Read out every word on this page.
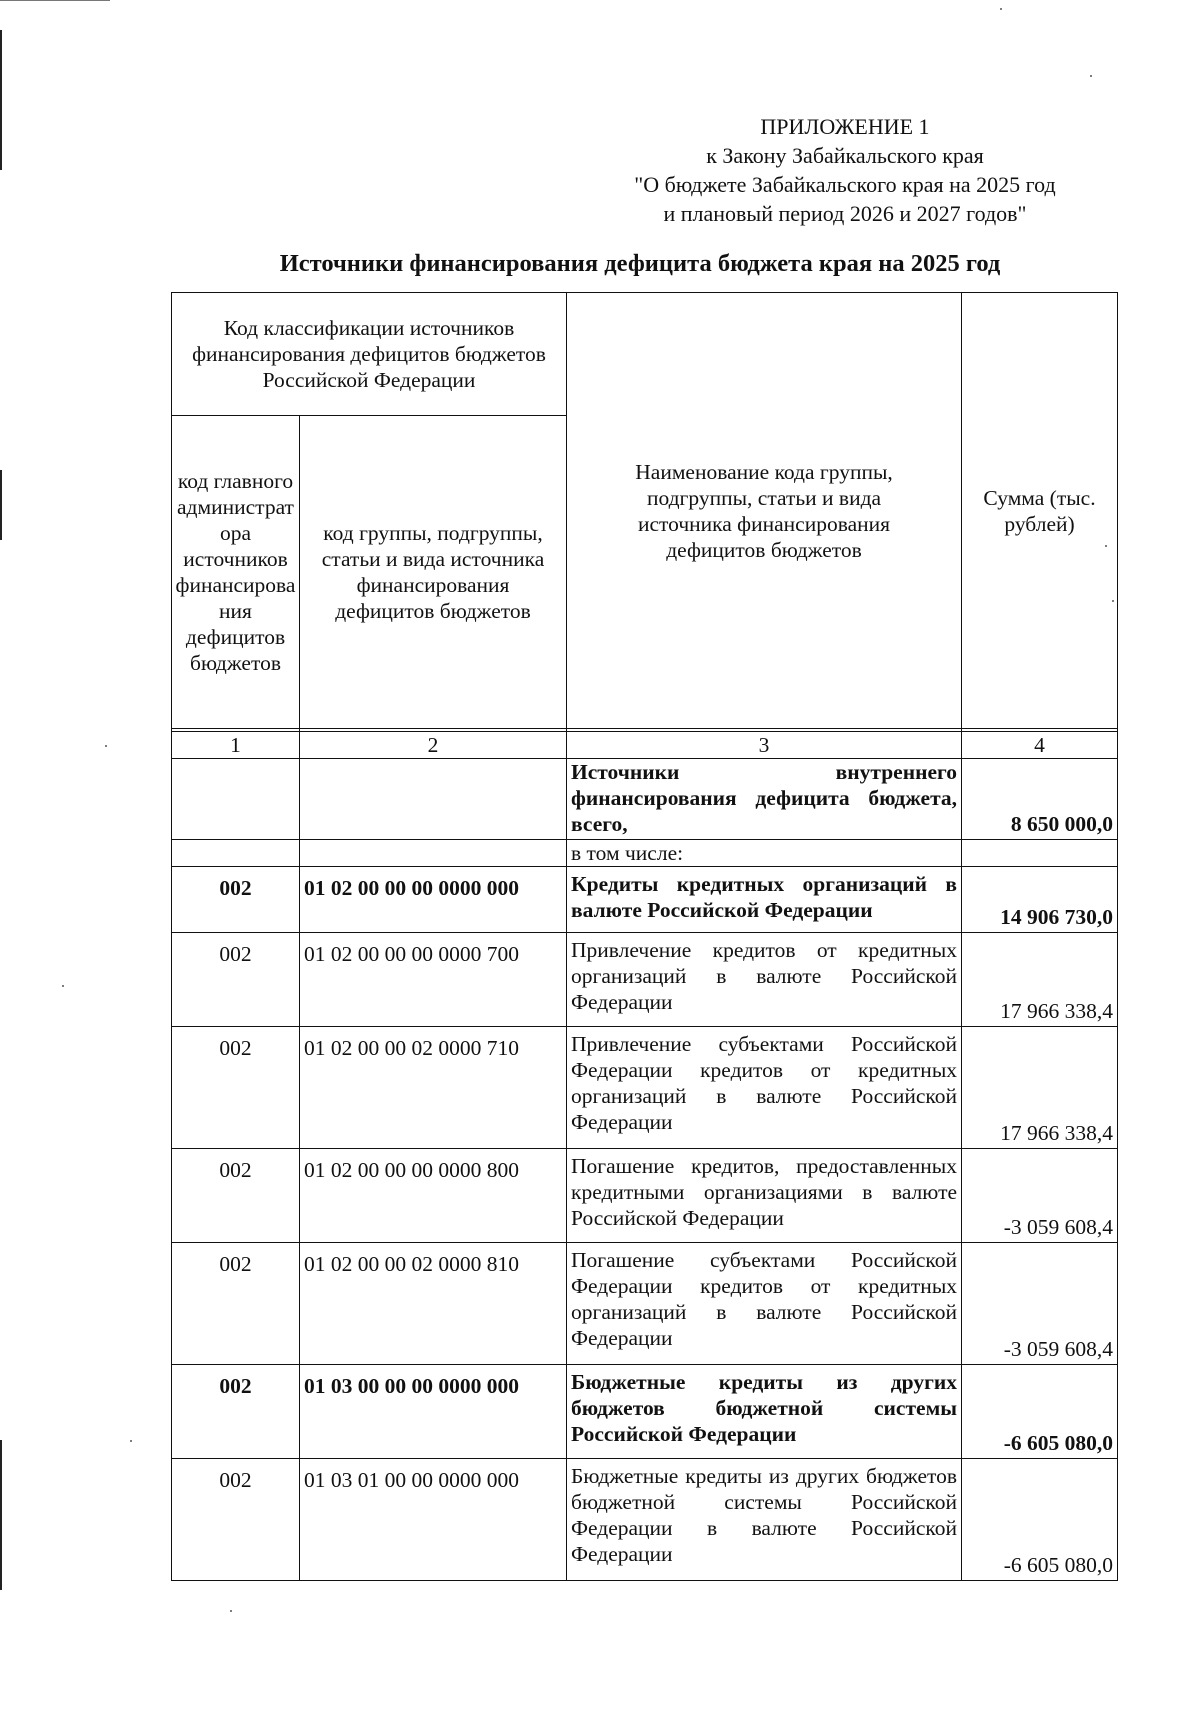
ПРИЛОЖЕНИЕ 1
к Закону Забайкальского края
"О бюджете Забайкальского края на 2025 год
и плановый период 2026 и 2027 годов"
Источники финансирования дефицита бюджета края на 2025 год
Код классификации источников финансирования дефицитов бюджетов Российской Федерации		Наименование кода группы, подгруппы, статьи и вида источника финансирования дефицитов бюджетов	Сумма (тыс. рублей)

код главного администратора источников финансирования дефицитов бюджетов	код группы, подгруппы, статьи и вида источника финансирования дефицитов бюджетов		

1	2	3	4
		Источники внутреннего финансирования дефицита бюджета, всего,	8 650 000,0
		в том числе:	
002	01 02 00 00 00 0000 000	Кредиты кредитных организаций в валюте Российской Федерации	14 906 730,0
002	01 02 00 00 00 0000 700	Привлечение кредитов от кредитных организаций в валюте Российской Федерации	17 966 338,4
002	01 02 00 00 02 0000 710	Привлечение субъектами Российской Федерации кредитов от кредитных организаций в валюте Российской Федерации	17 966 338,4
002	01 02 00 00 00 0000 800	Погашение кредитов, предоставленных кредитными организациями в валюте Российской Федерации	-3 059 608,4
002	01 02 00 00 02 0000 810	Погашение субъектами Российской Федерации кредитов от кредитных организаций в валюте Российской Федерации	-3 059 608,4
002	01 03 00 00 00 0000 000	Бюджетные кредиты из других бюджетов бюджетной системы Российской Федерации	-6 605 080,0
002	01 03 01 00 00 0000 000	Бюджетные кредиты из других бюджетов бюджетной системы Российской Федерации в валюте Российской Федерации	-6 605 080,0
